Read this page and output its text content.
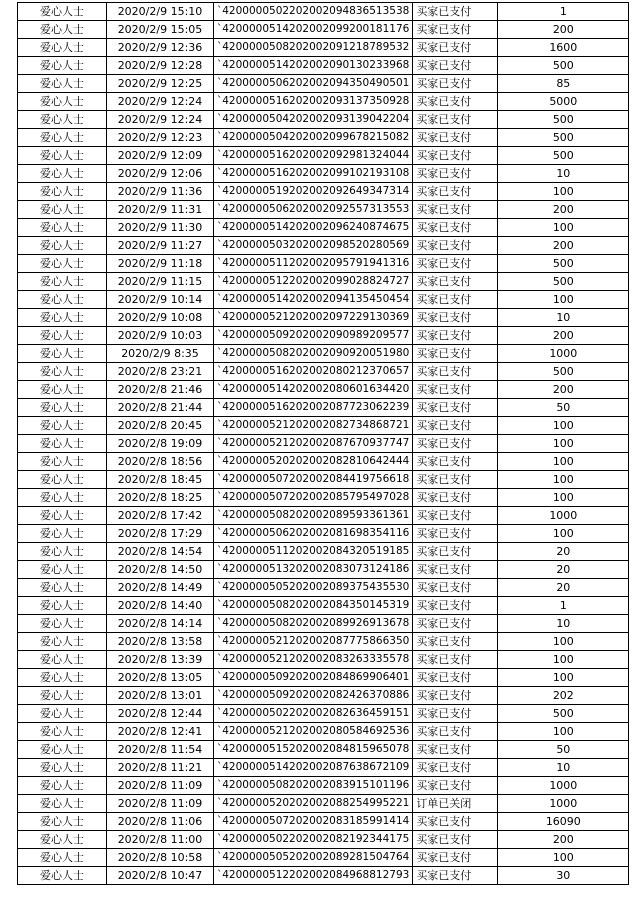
爱心人士	2020/2/9 15:10	`4200000502202002094836513538	买家已支付	1
爱心人士	2020/2/9 15:05	`4200000514202002099200181176	买家已支付	200
爱心人士	2020/2/9 12:36	`4200000508202002091218789532	买家已支付	1600
爱心人士	2020/2/9 12:28	`4200000514202002090130233968	买家已支付	500
爱心人士	2020/2/9 12:25	`4200000506202002094350490501	买家已支付	85
爱心人士	2020/2/9 12:24	`4200000516202002093137350928	买家已支付	5000
爱心人士	2020/2/9 12:24	`4200000504202002093139042204	买家已支付	500
爱心人士	2020/2/9 12:23	`4200000504202002099678215082	买家已支付	500
爱心人士	2020/2/9 12:09	`4200000516202002092981324044	买家已支付	500
爱心人士	2020/2/9 12:06	`4200000516202002099102193108	买家已支付	10
爱心人士	2020/2/9 11:36	`4200000519202002092649347314	买家已支付	100
爱心人士	2020/2/9 11:31	`4200000506202002092557313553	买家已支付	200
爱心人士	2020/2/9 11:30	`4200000514202002096240874675	买家已支付	100
爱心人士	2020/2/9 11:27	`4200000503202002098520280569	买家已支付	200
爱心人士	2020/2/9 11:18	`4200000511202002095791941316	买家已支付	500
爱心人士	2020/2/9 11:15	`4200000512202002099028824727	买家已支付	500
爱心人士	2020/2/9 10:14	`4200000514202002094135450454	买家已支付	100
爱心人士	2020/2/9 10:08	`4200000521202002097229130369	买家已支付	10
爱心人士	2020/2/9 10:03	`4200000509202002090989209577	买家已支付	200
爱心人士	2020/2/9 8:35	`4200000508202002090920051980	买家已支付	1000
爱心人士	2020/2/8 23:21	`4200000516202002080212370657	买家已支付	500
爱心人士	2020/2/8 21:46	`4200000514202002080601634420	买家已支付	200
爱心人士	2020/2/8 21:44	`4200000516202002087723062239	买家已支付	50
爱心人士	2020/2/8 20:45	`4200000521202002082734868721	买家已支付	100
爱心人士	2020/2/8 19:09	`4200000521202002087670937747	买家已支付	100
爱心人士	2020/2/8 18:56	`4200000520202002082810642444	买家已支付	100
爱心人士	2020/2/8 18:45	`4200000507202002084419756618	买家已支付	100
爱心人士	2020/2/8 18:25	`4200000507202002085795497028	买家已支付	100
爱心人士	2020/2/8 17:42	`4200000508202002089593361361	买家已支付	1000
爱心人士	2020/2/8 17:29	`4200000506202002081698354116	买家已支付	100
爱心人士	2020/2/8 14:54	`4200000511202002084320519185	买家已支付	20
爱心人士	2020/2/8 14:50	`4200000513202002083073124186	买家已支付	20
爱心人士	2020/2/8 14:49	`4200000505202002089375435530	买家已支付	20
爱心人士	2020/2/8 14:40	`4200000508202002084350145319	买家已支付	1
爱心人士	2020/2/8 14:14	`4200000508202002089926913678	买家已支付	10
爱心人士	2020/2/8 13:58	`4200000521202002087775866350	买家已支付	100
爱心人士	2020/2/8 13:39	`4200000521202002083263335578	买家已支付	100
爱心人士	2020/2/8 13:05	`4200000509202002084869906401	买家已支付	100
爱心人士	2020/2/8 13:01	`4200000509202002082426370886	买家已支付	202
爱心人士	2020/2/8 12:44	`4200000502202002082636459151	买家已支付	500
爱心人士	2020/2/8 12:41	`4200000521202002080584692536	买家已支付	100
爱心人士	2020/2/8 11:54	`4200000515202002084815965078	买家已支付	50
爱心人士	2020/2/8 11:21	`4200000514202002087638672109	买家已支付	10
爱心人士	2020/2/8 11:09	`4200000508202002083915101196	买家已支付	1000
爱心人士	2020/2/8 11:09	`4200000520202002088254995221	订单已关闭	1000
爱心人士	2020/2/8 11:06	`4200000507202002083185991414	买家已支付	16090
爱心人士	2020/2/8 11:00	`4200000502202002082192344175	买家已支付	200
爱心人士	2020/2/8 10:58	`4200000505202002089281504764	买家已支付	100
爱心人士	2020/2/8 10:47	`4200000512202002084968812793	买家已支付	30
